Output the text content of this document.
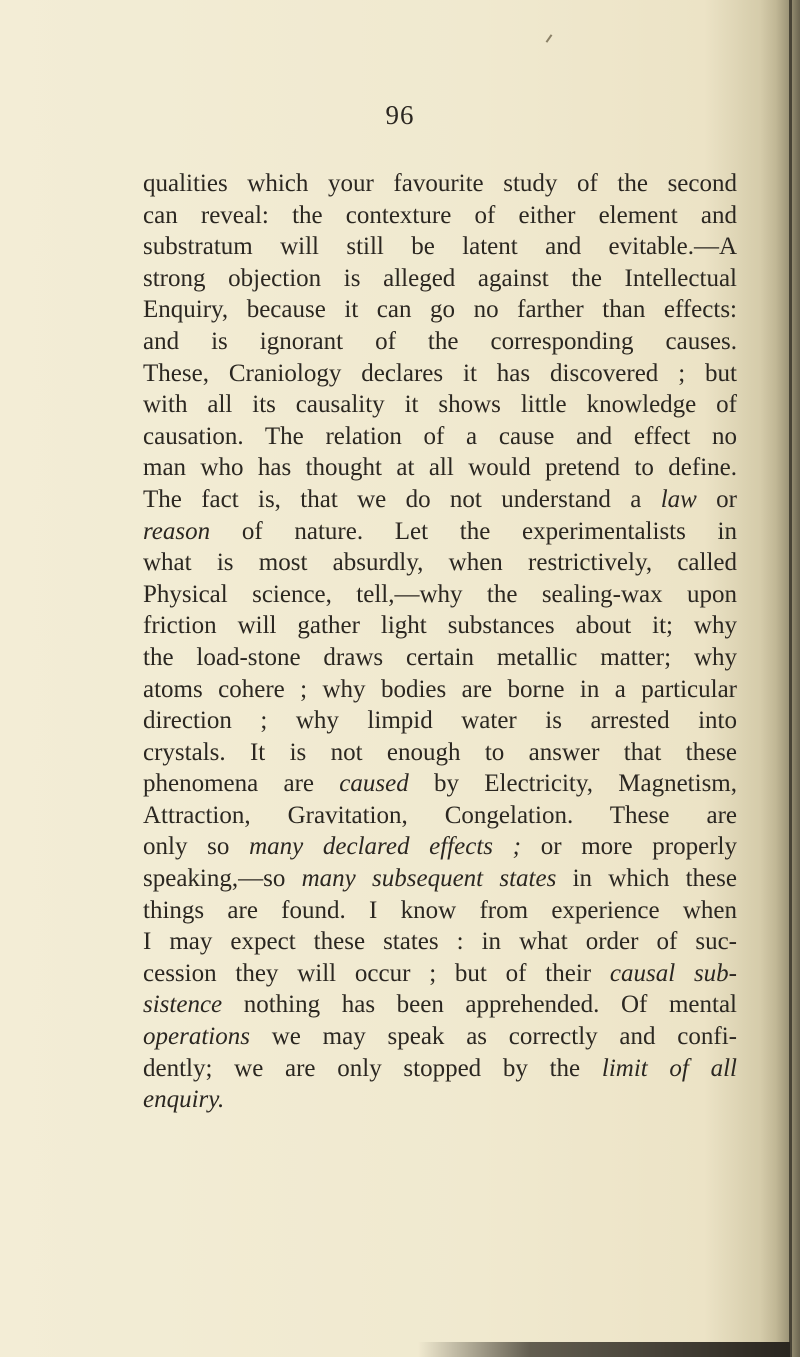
96
qualities which your favourite study of the second
can reveal: the contexture of either element and
substratum will still be latent and evitable.—A
strong objection is alleged against the Intellectual
Enquiry, because it can go no farther than effects:
and is ignorant of the corresponding causes.
These, Craniology declares it has discovered ; but
with all its causality it shows little knowledge of
causation. The relation of a cause and effect no
man who has thought at all would pretend to define.
The fact is, that we do not understand a law or
reason of nature. Let the experimentalists in
what is most absurdly, when restrictively, called
Physical science, tell,—why the sealing-wax upon
friction will gather light substances about it; why
the load-stone draws certain metallic matter; why
atoms cohere ; why bodies are borne in a particular
direction ; why limpid water is arrested into
crystals. It is not enough to answer that these
phenomena are caused by Electricity, Magnetism,
Attraction, Gravitation, Congelation. These are
only so many declared effects ; or more properly
speaking,—so many subsequent states in which these
things are found. I know from experience when
I may expect these states : in what order of suc-
cession they will occur ; but of their causal sub-
sistence nothing has been apprehended. Of mental
operations we may speak as correctly and confi-
dently; we are only stopped by the limit of all
enquiry.
